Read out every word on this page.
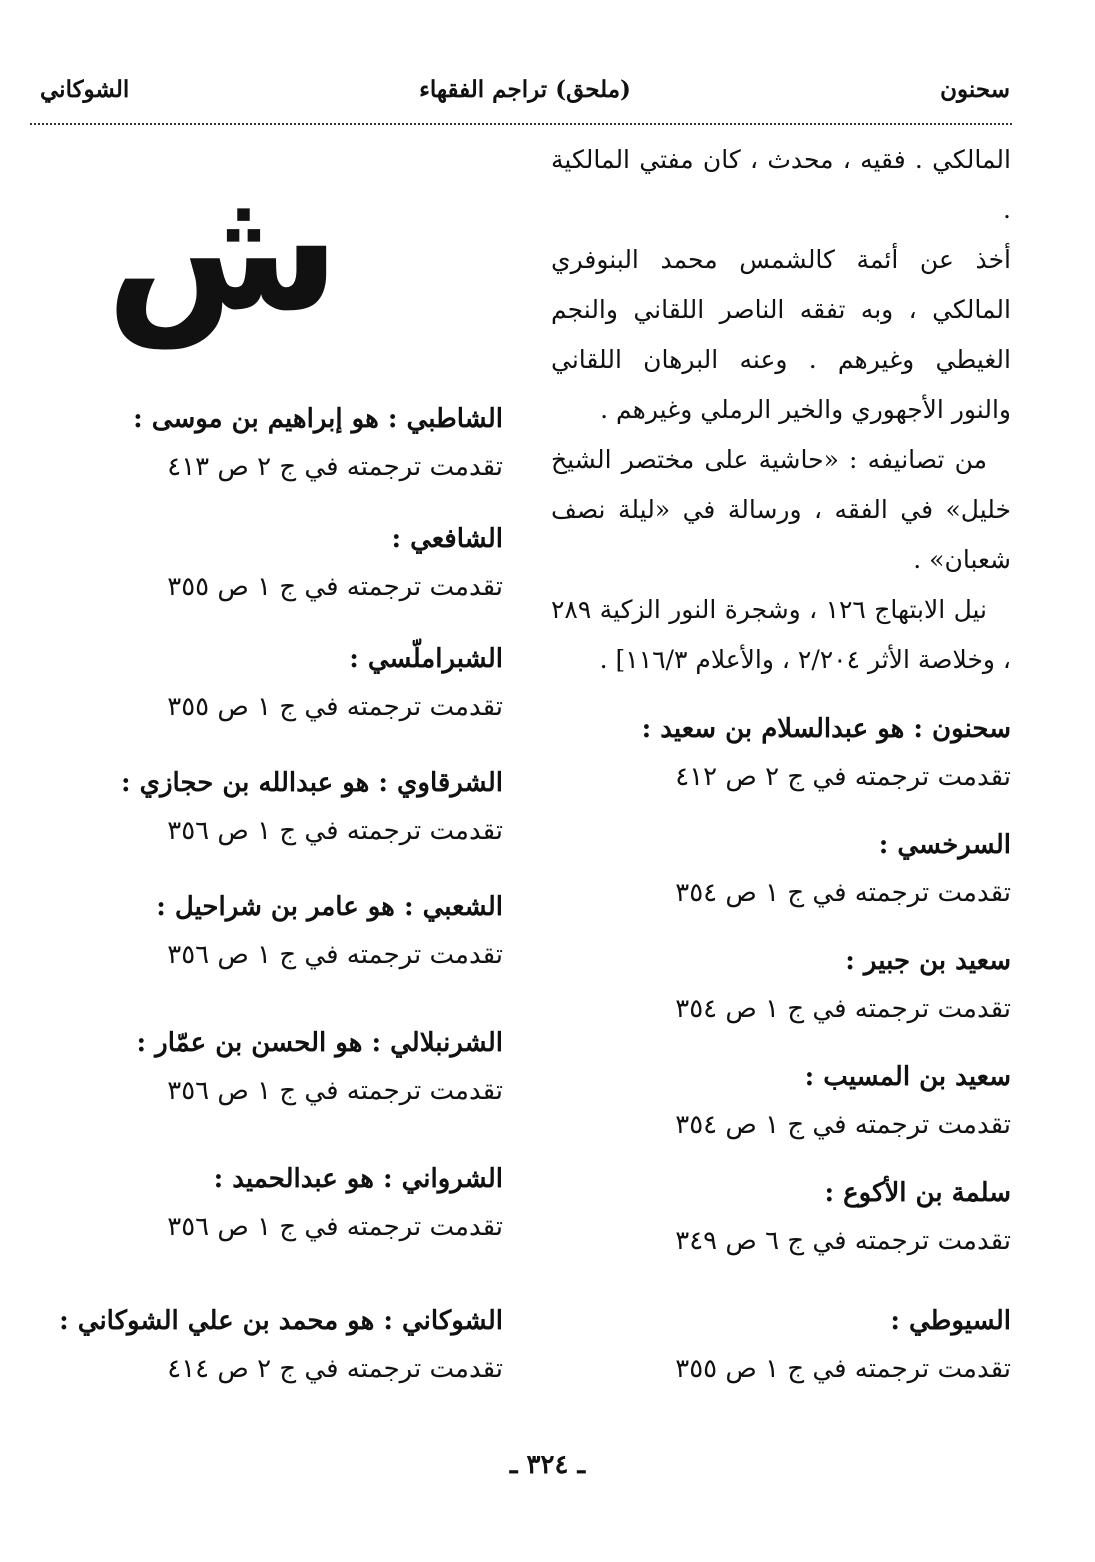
سحنون
(ملحق) تراجم الفقهاء
الشوكاني

المالكي . فقيه ، محدث ، كان مفتي المالكية .

أخذ عن أئمة كالشمس محمد البنوفري المالكي ، وبه تفقه الناصر اللقاني والنجم الغيطي وغيرهم . وعنه البرهان اللقاني والنور الأجهوري والخير الرملي وغيرهم .

من تصانيفه : «حاشية على مختصر الشيخ خليل» في الفقه ، ورسالة في «ليلة نصف شعبان» .

نيل الابتهاج ١٢٦ ، وشجرة النور الزكية ٢٨٩ ، وخلاصة الأثر ٢/٢٠٤ ، والأعلام ١١٦/٣] .

سحنون : هو عبدالسلام بن سعيد :
تقدمت ترجمته في ج ٢ ص ٤١٢
السرخسي :
تقدمت ترجمته في ج ١ ص ٣٥٤
سعيد بن جبير :
تقدمت ترجمته في ج ١ ص ٣٥٤
سعيد بن المسيب :
تقدمت ترجمته في ج ١ ص ٣٥٤
سلمة بن الأكوع :
تقدمت ترجمته في ج ٦ ص ٣٤٩
السيوطي :
تقدمت ترجمته في ج ١ ص ٣٥٥
ش
الشاطبي : هو إبراهيم بن موسى :
تقدمت ترجمته في ج ٢ ص ٤١٣
الشافعي :
تقدمت ترجمته في ج ١ ص ٣٥٥
الشبراملّسي :
تقدمت ترجمته في ج ١ ص ٣٥٥
الشرقاوي : هو عبدالله بن حجازي :
تقدمت ترجمته في ج ١ ص ٣٥٦
الشعبي : هو عامر بن شراحيل :
تقدمت ترجمته في ج ١ ص ٣٥٦
الشرنبلالي : هو الحسن بن عمّار :
تقدمت ترجمته في ج ١ ص ٣٥٦
الشرواني : هو عبدالحميد :
تقدمت ترجمته في ج ١ ص ٣٥٦
الشوكاني : هو محمد بن علي الشوكاني :
تقدمت ترجمته في ج ٢ ص ٤١٤
ـ ٣٢٤ ـ
